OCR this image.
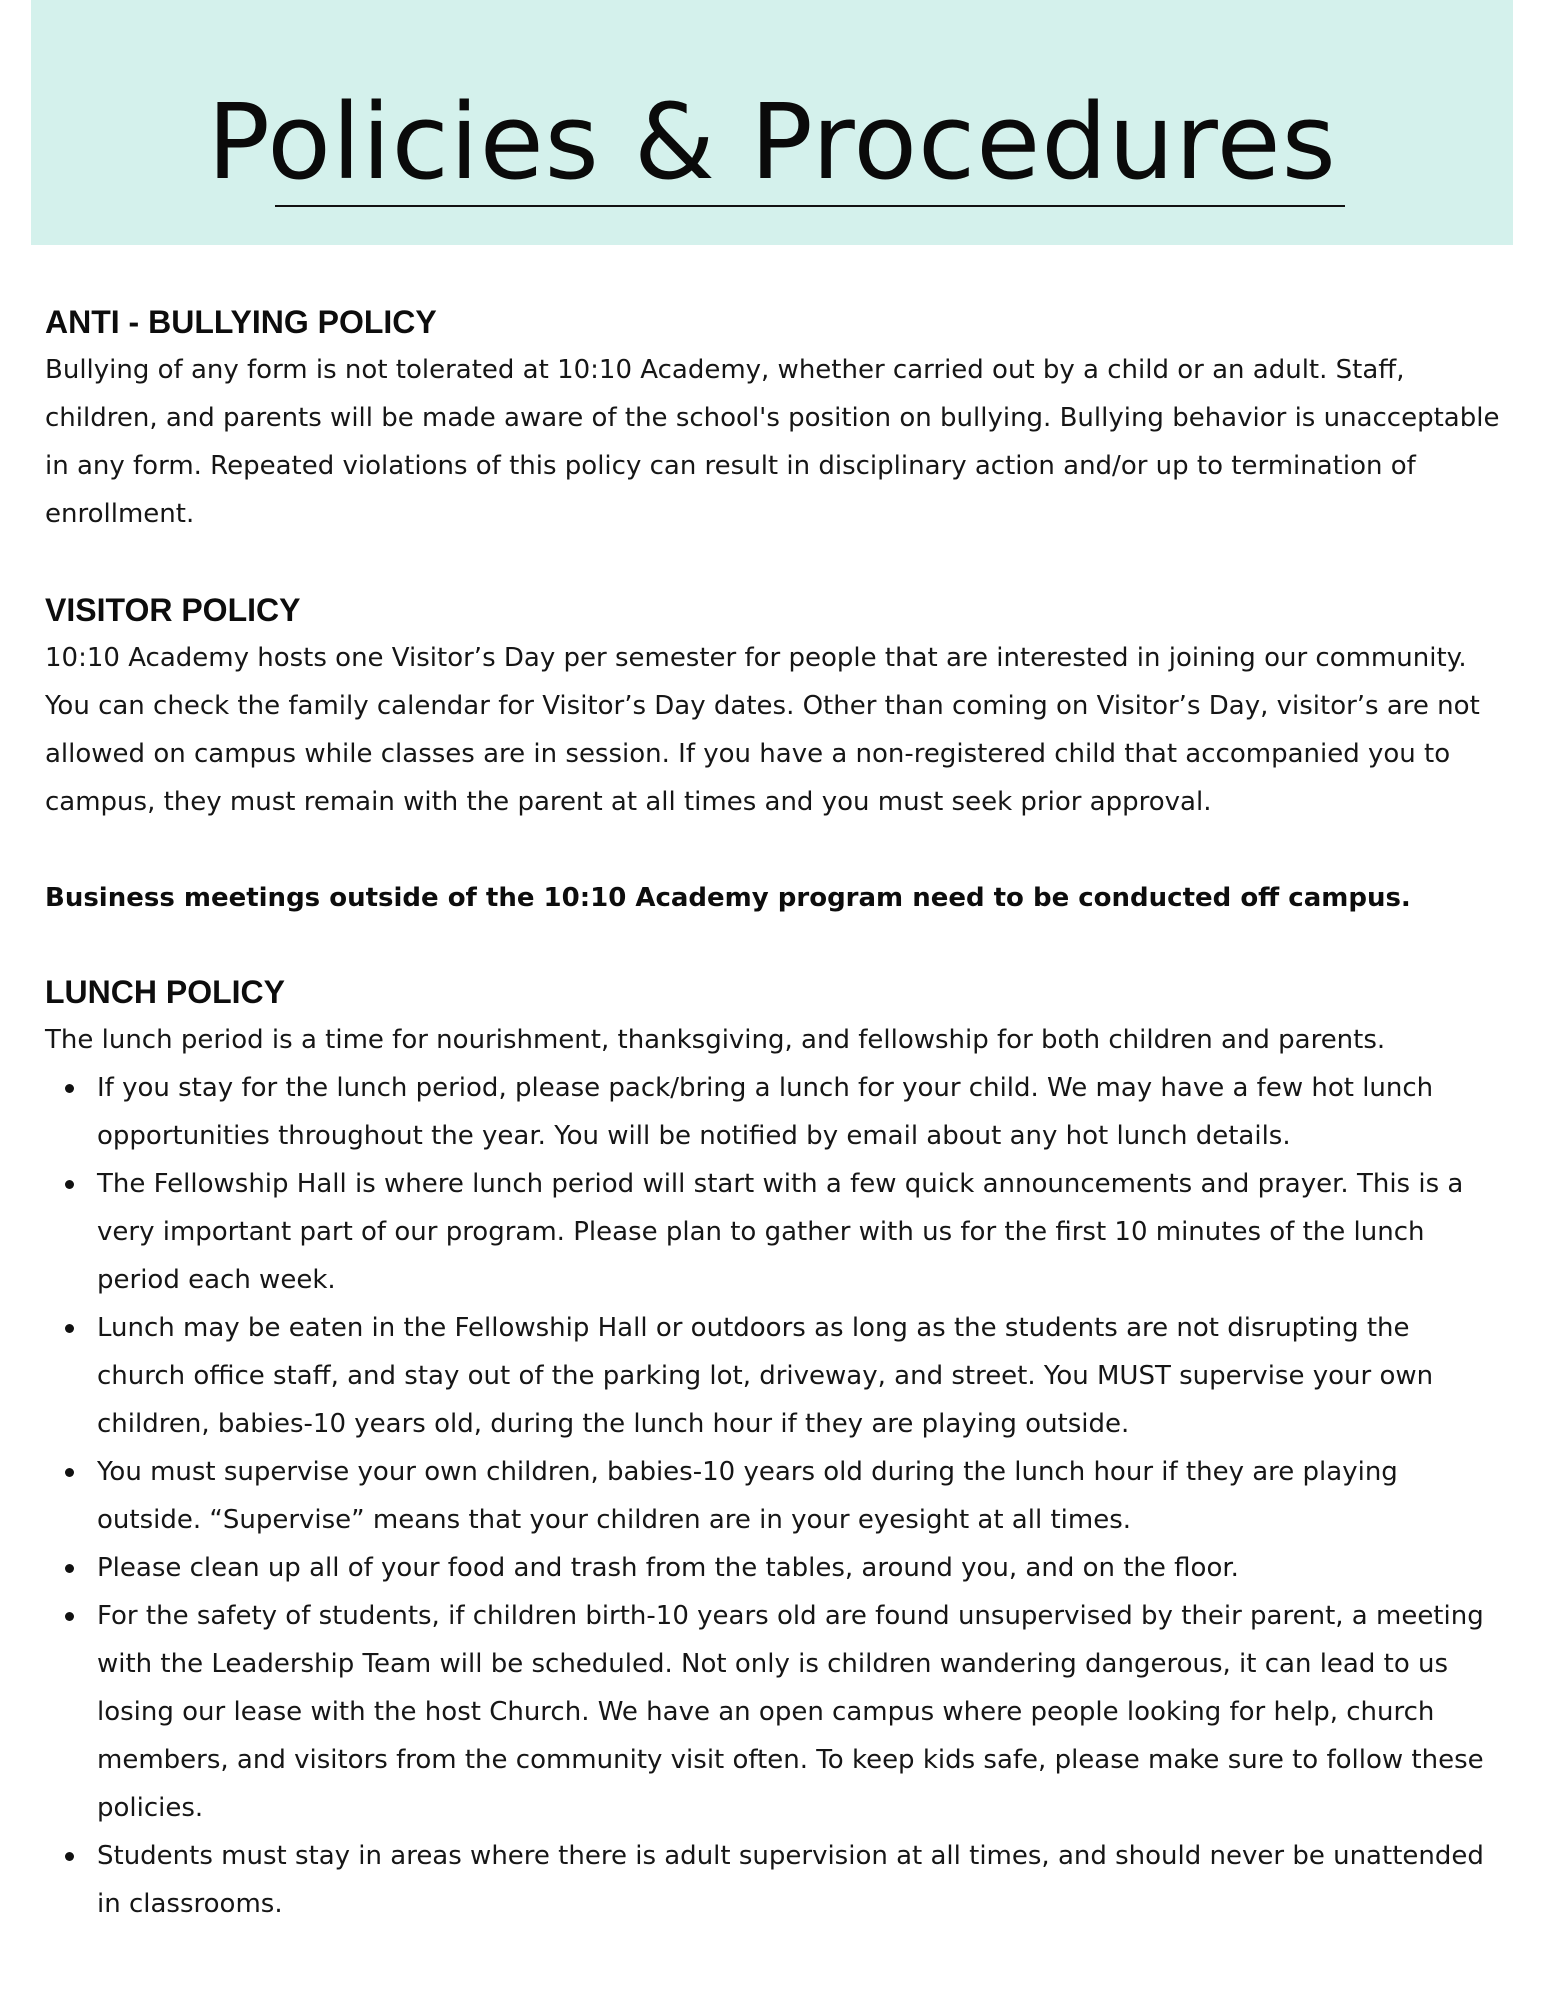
Policies & Procedures
ANTI - BULLYING POLICY

Bullying of any form is not tolerated at 10:10 Academy, whether carried out by a child or an adult. Staff, children, and parents will be made aware of the school's position on bullying. Bullying behavior is unacceptable in any form. Repeated violations of this policy can result in disciplinary action and/or up to termination of enrollment.

VISITOR POLICY

10:10 Academy hosts one Visitor’s Day per semester for people that are interested in joining our community. You can check the family calendar for Visitor’s Day dates. Other than coming on Visitor’s Day, visitor’s are not allowed on campus while classes are in session. If you have a non-registered child that accompanied you to campus, they must remain with the parent at all times and you must seek prior approval.

Business meetings outside of the 10:10 Academy program need to be conducted off campus.

LUNCH POLICY

The lunch period is a time for nourishment, thanksgiving, and fellowship for both children and parents.

If you stay for the lunch period, please pack/bring a lunch for your child. We may have a few hot lunch opportunities throughout the year. You will be notified by email about any hot lunch details.
The Fellowship Hall is where lunch period will start with a few quick announcements and prayer. This is a very important part of our program. Please plan to gather with us for the first 10 minutes of the lunch period each week.
Lunch may be eaten in the Fellowship Hall or outdoors as long as the students are not disrupting the church office staff, and stay out of the parking lot, driveway, and street. You MUST supervise your own children, babies-10 years old, during the lunch hour if they are playing outside.
You must supervise your own children, babies-10 years old during the lunch hour if they are playing outside. “Supervise” means that your children are in your eyesight at all times.
Please clean up all of your food and trash from the tables, around you, and on the floor.
For the safety of students, if children birth-10 years old are found unsupervised by their parent, a meeting with the Leadership Team will be scheduled. Not only is children wandering dangerous, it can lead to us losing our lease with the host Church. We have an open campus where people looking for help, church members, and visitors from the community visit often. To keep kids safe, please make sure to follow these policies.
Students must stay in areas where there is adult supervision at all times, and should never be unattended in classrooms.
